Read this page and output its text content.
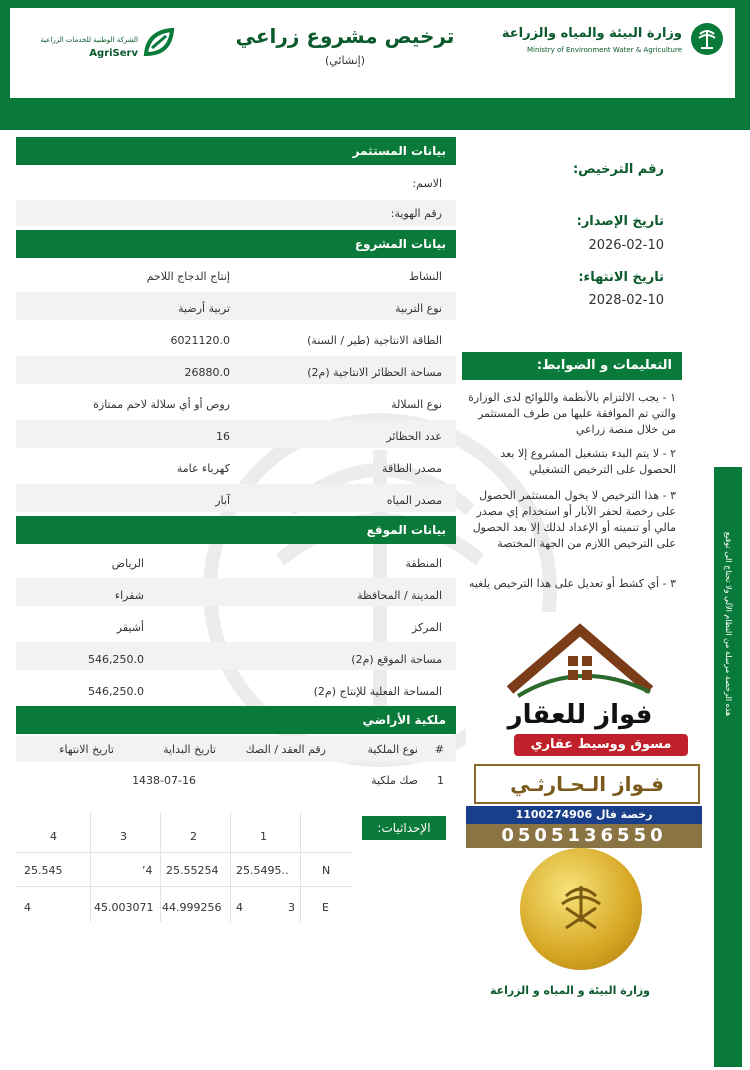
وزارة البيئة والمياه والزراعة
Ministry of Environment Water & Agriculture
ترخيص مشروع زراعي
(إنشائي)
الشركة الوطنية للخدمات الزراعية
AgriServ
بيانات المستثمر
الاسم:
رقم الهوية:
بيانات المشروع
النشاط
إنتاج الدجاج اللاحم
نوع التربية
تربية أرضية
الطاقة الانتاجية (طير / السنة)
6021120.0
مساحة الحظائر الانتاجية (م2)
26880.0
نوع السلالة
روص أو أي سلالة لاحم ممتازة
عدد الحظائر
16
مصدر الطاقة
كهرباء عامة
مصدر المياه
آبار
بيانات الموقع
المنطقة
الرياض
المدينة / المحافظة
شقراء
المركز
أشيقر
مساحة الموقع (م2)
546,250.0
المساحة الفعلية للإنتاج (م2)
546,250.0
ملكية الأراضي
#
نوع الملكية
رقم العقد / الصك
تاريخ البداية
تاريخ الانتهاء
1
صك ملكية
1438-07-16
الإحداثيات:
1
2
3
4
N
25.5495..
25.55254
’4
25.545
E
3
4
44.999256
45.003071
4
رقم الترخيص:
تاريخ الإصدار:
2026-02-10
تاريخ الانتهاء:
2028-02-10
التعليمات و الضوابط:
١ - يجب الالتزام بالأنظمة واللوائح لدى الوزارة والتي تم الموافقة عليها من طرف المستثمر من خلال منصة زراعي
٢ - لا يتم البدء بتشغيل المشروع إلا بعد الحصول على الترخيص التشغيلي
٣ - هذا الترخيص لا يخول المستثمر الحصول على رخصة لحفر الآبار أو استخدام إي مصدر مالي أو تنميته أو الإعداد لذلك إلا بعد الحصول على الترخيص اللازم من الجهة المختصة
٣ - أي كشط أو تعديل على هذا الترخيص يلغيه	هذه الرخصة مرسلة من النظام الآلي ولا تحتاج الى توقيع
فواز للعقار
مسوق ووسيط عقاري
فـواز الـحـارثـي
رخصة فال 1100274906
0505136550
وزارة البيئة و المياه و الزراعة
